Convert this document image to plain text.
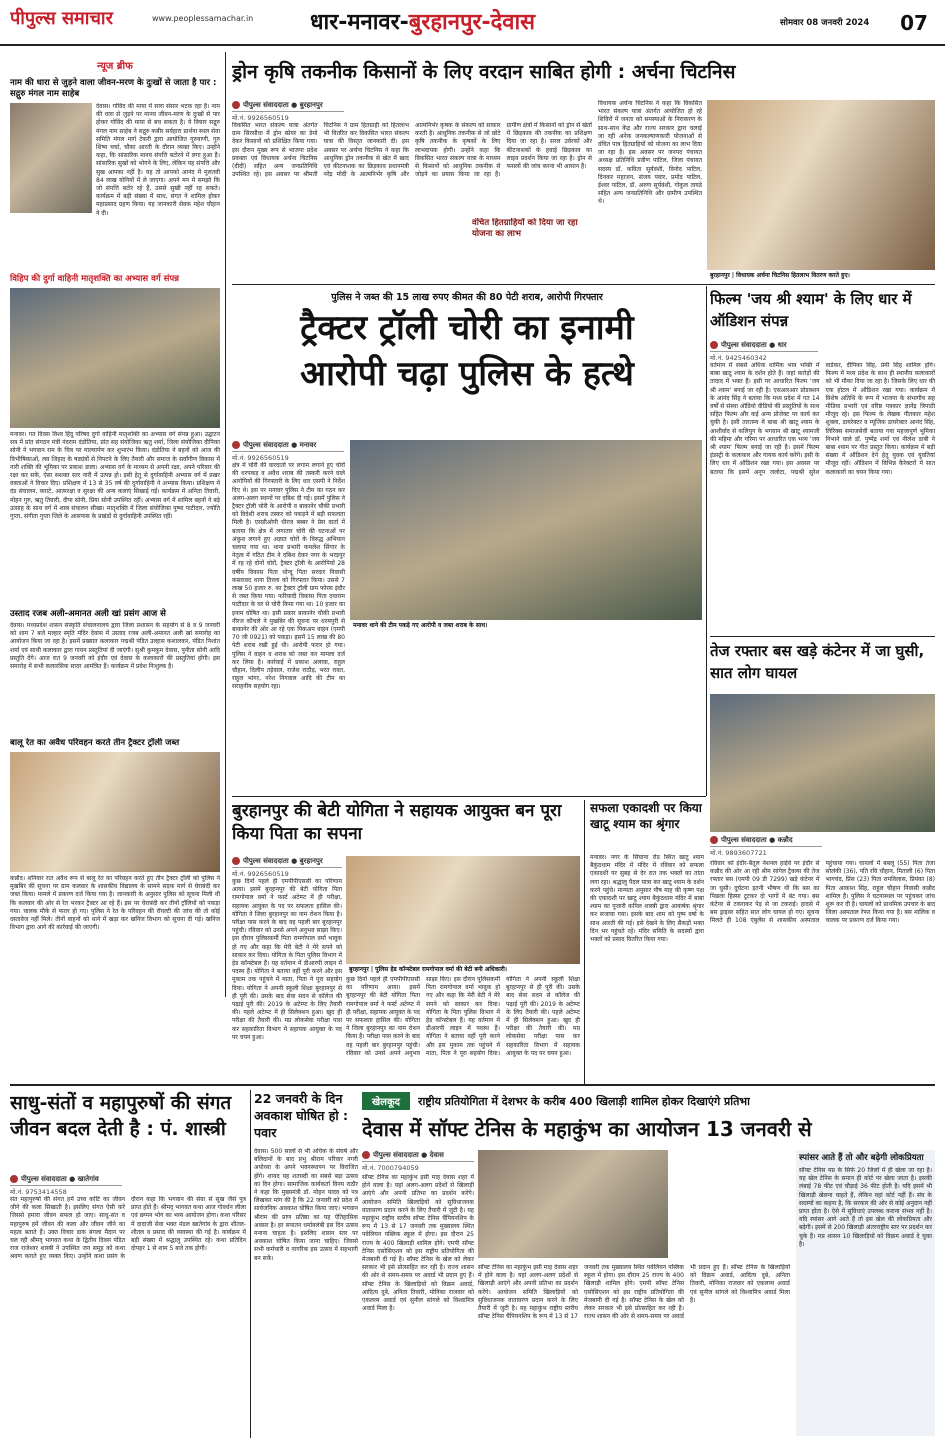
पीपुल्स समाचार	www.peoplessamachar.in	धार-मनावर-बुरहानपुर-देवास	सोमवार 08 जनवरी 2024	07
न्यूज ब्रीफ
नाम की धारा से जुड़ने वाला जीवन-मरण के दुःखों से जाता है पार : सद्गुरु मंगल नाम साहेब
देवास। गोविंद की माया में सारा संसार भटक रहा है। नाम की धारा से जुड़ने पर मानव जीवन-मरण के दुःखों से पार होकर गोविंद की माया से बच सकता है। ये विचार सद्गुरु मंगल नाम साहेब ने सद्गुरु कबीर सर्वहारा प्रार्थना स्थल सेवा समिति मंगल मार्ग टेकरी द्वारा आयोजित गुरुवाणी, गुरु शिष्य चर्चा, चौका आरती के दौरान व्यक्त किए। उन्होंने कहा, कि सांसारिक मानव संपत्ति बटोरने में लगा हुआ है। सांसारिक सुखों को भोगने के लिए, लेकिन यह संपत्ति और सुख आपका नहीं है। यह तो आपको आनंद में मुलतवी 84 लाख योनियों में ले जाएगा। अपने मन में समझो कि जो संपत्ति बटोर रहे हैं, उससे सुखी नहीं रह सकते। कार्यक्रम में बड़ी संख्या में साध, संगत ने शामिल होकर महाप्रसाद ग्रहण किया। यह जानकारी सेवक महेश चौहान ने दी।
विहिप की दुर्गा वाहिनी मातृशक्ति का अभ्यास वर्ग संपन्न
मनावर। गत दिवस विश्व हिंदू परिषद दुर्गा वाहिनी मातृशक्ति का अभ्यास वर्ग संपन्न हुआ। उद्घाटन सत्र में प्रांत संगठन मंत्री नंदराम दंडोतिया, प्रांत सह संयोजिका ऋतु शर्मा, जिला संयोजिका दीपिका सोनी ने भगवान राम के चित्र पर माल्यार्पण कर शुभारंभ किया। दंडोतिया ने बहनों को आज की विभीषिकाओं, लव जिहाद के षड्यंत्रों से निपटने के लिए तैयारी और समाज के सर्वांगीण विकास में नारी शक्ति की भूमिका पर प्रकाश डाला। अभ्यास वर्ग के माध्यम से अपनी रक्षा, अपने परिवार की रक्षा कर सकें, ऐसा सशक्त स्तर नारी में उत्पन्न हो। इसी हेतु से दुर्गावाहिनी अभ्यास वर्ग में प्रखर वक्ताओं ने विचार दिए। प्रशिक्षण में 13 से 35 वर्ष की दुर्गावाहिनी ने अभ्यास किया। प्रशिक्षण में दंड संचालन, कराटे, आत्मरक्षा व सुरक्षा की अन्य कलाएं सिखाई गईं। कार्यक्रम में अनिता तिवारी, मोहन गुरु, ऋतु तिवारी, दीपा सोनी, प्रिया सोनी उपस्थित रहीं। अभ्यास वर्ग में शामिल बहनों ने बड़े उत्साह के साथ वर्ग में शस्त्र संचालन सीखा। मातृशक्ति में जिला संयोजिका पुष्पा पाटीदार, ज्योति गुप्ता, संगीता गुप्ता जिले के आसपास के प्रखंडों से दुर्गावाहिनी उपस्थित रहीं।
उस्ताद रजब अली-अमानत अली खां प्रसंग आज से
देवास। मध्यप्रदेश शासन संस्कृति संचालनालय द्वारा जिला प्रशासन के सहयोग से 8 व 9 जनवरी को शाम 7 बजे मल्हार स्मृति मंदिर देवास में उस्ताद रजब अली-अमानत अली खां समारोह का आयोजन किया जा रहा है। इसमें प्रख्यात कलाकार पद्मश्री पंडित उल्हास कशालकर, पंडित निशांत शर्मा एवं साथी कलाकार द्वारा गायन प्रस्तुतियां दी जाएंगी। सुश्री कुमकुम देवास, पुनीता सोनी आदि प्रस्तुति देंगे। आज रात 9 जनवरी को इंदौर एवं देवास के कलाकारों की प्रस्तुतियां होंगी। इस समारोह में सभी कलारसिक सादर आमंत्रित हैं। कार्यक्रम में प्रवेश निःशुल्क है।
बालू रेत का अवैध परिवहन करते तीन ट्रैक्टर ट्रॉली जब्त
कन्नौद। शनिवार रात अवैध रूप से बालू रेत का परिवहन करते हुए तीन ट्रैक्टर ट्रॉली को पुलिस ने मुखबिर की सूचना पर ग्राम कलवार के शासकीय विद्यालय के सामने सड़क मार्ग से घेराबंदी कर जब्त किया। मामले में प्रकरण दर्ज किया गया है। जानकारी के अनुसार पुलिस को सूचना मिली थी कि कलवार की ओर से रेत भरकर ट्रैक्टर आ रहे हैं। इस पर घेराबंदी कर तीनों ट्रॉलियों को पकड़ा गया। चालक मौके से फरार हो गए। पुलिस ने रेत के परिवहन की रॉयल्टी की जांच की तो कोई दस्तावेज नहीं मिले। तीनों वाहनों को थाने में खड़ा कर खनिज विभाग को सूचना दी गई। खनिज विभाग द्वारा आगे की कार्रवाई की जाएगी।
ड्रोन कृषि तकनीक किसानों के लिए वरदान साबित होगी : अर्चना चिटनिस
पीपुल्स संवाददाता ● बुरहानपुर
मो.नं. 9926560519
विकसित भारत संकल्प यात्रा अंतर्गत ग्राम सिरसौधा में ड्रोन स्प्रेयर का डेमो देकर किसानों को प्रशिक्षित किया गया। इस दौरान मुख्य रूप से भाजपा प्रदेश प्रवक्ता एवं विधायक अर्चना चिटनिस (दीदी) सहित अन्य जनप्रतिनिधि उपस्थित रहे। इस अवसर पर श्रीमती चिटनिस ने ग्राम हितग्राही को हितलाभ भी वितरित कर विकसित भारत संकल्प यात्रा की विस्तृत जानकारी दी। इस अवसर पर अर्चना चिटनिस ने कहा कि आधुनिक ड्रोन तकनीक से खेत में खाद एवं कीटनाशक का छिड़काव प्रधानमंत्री नरेंद्र मोदी के आत्मनिर्भर कृषि और आत्मनिर्भर कृषक के संकल्प को साकार करती है। आधुनिक तकनीक से जो छोटे कृषि तकनीक के कृषकों के लिए लाभदायक होगी। उन्होंने कहा कि विकसित भारत संकल्प यात्रा के माध्यम से किसानों को आधुनिक तकनीक से जोड़ने का प्रयास किया जा रहा है। ग्रामीण क्षेत्रों में किसानों को ड्रोन से खेतों में छिड़काव की तकनीक का प्रशिक्षण दिया जा रहा है। सरल उर्वरकों और कीटनाशकों के हवाई छिड़काव का लाइव प्रदर्शन किया जा रहा है। ड्रोन से फसलों की जांच करना भी आसान है।
वंचित हितग्राहियों को दिया जा रहा योजना का लाभ
विधायक अर्चना चिटनिस ने कहा कि विकसित भारत संकल्प यात्रा अंतर्गत आयोजित हो रहे शिविरों में जनता को समस्याओं के निराकरण के साथ-साथ केंद्र और राज्य सरकार द्वारा चलाई जा रही अनेक जनकल्याणकारी योजनाओं से वंचित पात्र हितग्राहियों को योजना का लाभ दिया जा रहा है। इस अवसर पर जनपद पंचायत अध्यक्ष प्रतिनिधि प्रवीण पाटिल, जिला पंचायत सदस्य डॉ. कविता सूर्यवंशी, विनोद पाटिल, दिनकर महाजन, संजय पवार, प्रमोद पाटिल, ईश्वर पाटिल, डॉ. अरुण सूर्यवंशी, गोकुल तायडे सहित अन्य जनप्रतिनिधि और ग्रामीण उपस्थित थे।
बुरहानपुर | विधायक अर्चना चिटनिस हितलाभ वितरण करते हुए।
पुलिस ने जब्त की 15 लाख रुपए कीमत की 80 पेटी शराब, आरोपी गिरफ्तार
ट्रैक्टर ट्रॉली चोरी का इनामी
आरोपी चढ़ा पुलिस के हत्थे
पीपुल्स संवाददाता ● मनावर
मो.नं. 9926560519
मनावर थाने की टीम पकड़े गए आरोपी व जब्त शराब के साथ।
क्षेत्र में चोरी की वारदातों पर लगाम लगाने हुए चोरों की धरपकड़ व अवैध शराब की तस्करी करने वाले आरोपियों की गिरफ्तारी के लिए धार एसपी ने निर्देश दिए थे। इस पर मनावर पुलिस ने टीम का गठन कर अलग-अलग स्थानों पर दबिश दी गई। इसमें पुलिस ने ट्रैक्टर ट्रॉली चोरी के आरोपी व बाकानेर चौकी प्रभारी को विदेशी शराब तस्कर को पकड़ने में बड़ी सफलता मिली है। एसडीओपी धीरज बब्बर ने प्रेस वार्ता में बताया कि क्षेत्र में लगातार चोरी की घटनाओं पर अंकुश लगाने हुए अज्ञात चोरों के विरुद्ध अभियान चलाया गया था। थाना प्रभारी कमलेश सिंगार के नेतृत्व में गठित टीम ने दबिश देकर नगर के भरड़पुर में रह रहे दोनों चोरों, ट्रैक्टर ट्रॉली के आरोपियों 28 वर्षीय विकास पिता धोन्दू पिता सरदार निवासी कसरावद थाना तिरला को गिरफ्तार किया। उससे 7 लाख 50 हजार रु. का ट्रैक्टर ट्रॉली ग्राम फोरस इंदौर से जब्त किया गया। फरियादी विकास पिता दयाराम पाटीदार के घर से चोरी किया गया था। 10 हजार का इनाम घोषित था। इसी प्रकार बाकानेर चौकी प्रभारी नीरज कौचले ने मुखबिर की सूचना पर धरमपुरी से बाकानेर की ओर आ रहे एक पिकअप वाहन (एमपी 70 जी 0921) को पकड़ा। इसमें 15 लाख की 80 पेटी शराब रखी हुई थी। आरोपी फरार हो गया। पुलिस ने वाहन व शराब को जब्त कर मामला दर्ज कर लिया है। कार्रवाई में प्रकाश अलावा, राहुल चौहान, दिलीप तड़ेवाल, राजेश राठौड़, भरत रावत, राहुल भांगर, नरेश निगवाल आदि की टीम का सराहनीय सहयोग रहा।
फिल्म 'जय श्री श्याम' के लिए धार में ऑडिशन संपन्न
पीपुल्स संवाददाता ● धार
मो.नं. 9425460342
वर्तमान में सबसे अधिक धार्मिक भाव भक्ति में बाबा खाटू श्याम के दर्शन होते हैं। जहां करोड़ों की तादाद में भक्त हैं। इसी पर आधारित फिल्म 'जय श्री श्याम' बनाई जा रही है। एसआरआर प्रोडक्शन के आनंद सिंह ने बताया कि मध्य प्रदेश में गत 14 वर्षों से संस्था ऑडियो वीडियो की प्रस्तुतियों के साथ सहित फिल्म और कई अन्य प्रोजेक्ट पर कार्य कर चुकी है। इसी तारतम्य में बाबा श्री खाटू श्याम के आशीर्वाद से कलियुग के भगवान श्री खाटू श्यामजी की महिमा और गरिमा पर आधारित एक भव्य 'जय श्री श्याम' फिल्म बनाई जा रही है। इसमें फिल्म इंडस्ट्री के कलाकार और गायक कार्य करेंगे। इसी के लिए धार में ऑडिशन रखा गया। इस अवसर पर बताया कि इसमें अनूप जलोटा, पद्मश्री सुरेश वाडेकर, दीपिका सिंह, प्रेमी सिंह शामिल होंगे। फिल्म में मध्य प्रदेश के साथ ही स्थानीय कलाकारों को भी मौका दिया जा रहा है। जिसके लिए धार की एक होटल में ऑडिशन रखा गया। कार्यक्रम में विशेष अतिथि के रूप में भाजपा के संभागीय सह मीडिया प्रभारी एवं वरिष्ठ पत्रकार ज्ञानेंद्र त्रिपाठी मौजूद रहे। इस फिल्म के लेखक गीतकार महेश शुक्ला, डायरेक्टर व म्यूजिक डायरेक्टर आनंद सिंह, लिरिक्स समाजसेवी बताया गया महत्त्वपूर्ण भूमिका निभाने वाले डॉ. पुष्पेंद्र शर्मा एवं नीलेश डाबी ने बाबा श्याम पर गीत प्रस्तुत किया। कार्यक्रम में बड़ी संख्या में ऑडिशन देने हेतु युवक एवं युवतियां मौजूद रहीं। ऑडिशन में विभिन्न कैरेक्टरों में सात कलाकारों का चयन किया गया।
तेज रफ्तार बस खड़े कंटेनर में जा घुसी, सात लोग घायल
पीपुल्स संवाददाता ● कन्नौद
मो.नं. 9893607721
रविवार को इंदौर-बैतूल नेशनल हाईवे पर इंदौर से कन्नौद की ओर आ रही श्रीम सांगेल ट्रैवल्स की तेज रफ्तार बस (एमपी 09 डी 7299) खड़े कंटेनर में जा घुसी। दुर्घटना इतनी भीषण थी कि बस का पिछला हिस्सा टूटकर दो भागों में बंट गया। बस कंटेनर से टकराकर पेड़ से जा टकराई। हादसे में बस ड्राइवर सहित सात लोग घायल हो गए। सूचना मिलते ही 108 एंबुलेंस से शासकीय अस्पताल पहुंचाया गया। घायलों में बबलू (55) पिता तेजा सोलंकी (36), पति रवि चौहान, मिताली (6) पिता भागचंद, प्रिंस (23) पिता रामविलास, प्रियंका (8) पिता आकाश सिंह, राहुल चौहान निवासी कन्नौद शामिल हैं। पुलिस ने घटनास्थल पर पहुंचकर जांच शुरू कर दी है। घायलों को प्राथमिक उपचार के बाद जिला अस्पताल रेफर किया गया है। बस मालिक व चालक पर प्रकरण दर्ज किया गया।
बुरहानपुर की बेटी योगिता ने सहायक आयुक्त बन पूरा किया पिता का सपना
पीपुल्स संवाददाता ● बुरहानपुर
मो.नं. 9926560519
बुरहानपुर | पुलिस हेड कॉन्स्टेबल रामगोपाल वर्मा की बेटी बनी अधिकारी।
कुछ दिनों पहले ही एमपीपीएससी का परिणाम आया। इसमें बुरहानपुर की बेटी योगिता पिता रामगोपाल वर्मा ने फर्स्ट अटेम्प्ट में ही परीक्षा, सहायक आयुक्त के पद पर सफलता हासिल की। योगिता ने जिला बुरहानपुर का नाम रोशन किया है। परीक्षा पास करने के बाद वह पहली बार बुरहानपुर पहुंची। रविवार को उनसे अपने अनुभव साझा किए। इस दौरान पुलिसकर्मी पिता रामगोपाल वर्मा भावुक हो गए और कहा कि मेरी बेटी ने मेरे सपने को साकार कर दिया। योगिता के पिता पुलिस विभाग में हेड कॉन्स्टेबल हैं। यह वर्तमान में डीआरपी लाइन में पदस्थ हैं। योगिता ने बताया वहीं पूरी करने और इस मुकाम तक पहुंचने में माता, पिता ने पूरा सहयोग दिया। योगिता ने अपनी स्कूली शिक्षा बुरहानपुर से ही पूरी की। उसके बाद सेवा सदन से कॉलेज की पढ़ाई पूरी की। 2019 के अटेम्प्ट के लिए तैयारी की। पहले अटेम्प्ट में ही सिलेक्शन हुआ। खुद ही परीक्षा की तैयारी की। मप्र लोकसेवा परीक्षा पास कर सहकारिता विभाग में सहायक आयुक्त के पद पर चयन हुआ।
कुछ दिनों पहले ही एमपीपीएससी का परिणाम आया। इसमें बुरहानपुर की बेटी योगिता पिता रामगोपाल वर्मा ने फर्स्ट अटेम्प्ट में ही परीक्षा, सहायक आयुक्त के पद पर सफलता हासिल की। योगिता ने जिला बुरहानपुर का नाम रोशन किया है। परीक्षा पास करने के बाद वह पहली बार बुरहानपुर पहुंची। रविवार को उनसे अपने अनुभव साझा किए। इस दौरान पुलिसकर्मी पिता रामगोपाल वर्मा भावुक हो गए और कहा कि मेरी बेटी ने मेरे सपने को साकार कर दिया। योगिता के पिता पुलिस विभाग में हेड कॉन्स्टेबल हैं। यह वर्तमान में डीआरपी लाइन में पदस्थ हैं। योगिता ने बताया वहीं पूरी करने और इस मुकाम तक पहुंचने में माता, पिता ने पूरा सहयोग दिया। योगिता ने अपनी स्कूली शिक्षा बुरहानपुर से ही पूरी की। उसके बाद सेवा सदन से कॉलेज की पढ़ाई पूरी की। 2019 के अटेम्प्ट के लिए तैयारी की। पहले अटेम्प्ट में ही सिलेक्शन हुआ। खुद ही परीक्षा की तैयारी की। मप्र लोकसेवा परीक्षा पास कर सहकारिता विभाग में सहायक आयुक्त के पद पर चयन हुआ।
सफला एकादशी पर किया खाटू श्याम का श्रृंगार
मनावर। नगर के सिंघाना रोड स्थित खाटू श्याम बैकुंठधाम मंदिर में मंदिर में रविवार को सफला एकादशी पर सुबह से देर रात तक भक्तों का तांता लगा रहा। श्रद्धालु पैदल यात्रा कर खाटू श्याम के दर्शन करने पहुंचे। मान्यता अनुसार पौष माह की कृष्ण पक्ष की एकादशी पर खाटू श्याम बैकुंठधाम मंदिर में बाबा श्याम का पुजारी कपिल शास्त्री द्वारा आकर्षक श्रृंगार कर सजाया गया। इसके बाद शाम को पुष्प वर्षा के साथ आरती की गई। इसे देखने के लिए सैकड़ों भक्त दिन भर पहुंचते रहे। मंदिर समिति के सदस्यों द्वारा भक्तों को प्रसाद वितरित किया गया।
साधु-संतों व महापुरुषों की संगत जीवन बदल देती है : पं. शास्त्री
पीपुल्स संवाददाता ● खातेगांव
मो.नं. 9753414558
संत महापुरुषों की संगत हमें उच्च कोटि का जीवन जीने की कला सिखाती है। इसलिए संगत ऐसी करें जिससे हमारा जीवन सफल हो जाए। साधु-संत व महापुरुष हमें जीवन की कला और जीवन जीने का महत्व बताते हैं। उक्त विचार डाक बंगला मैदान पर चल रही श्रीमद् भागवत कथा के द्वितीय दिवस पंडित राज राजेश्वर शास्त्री ने उपस्थित जन समूह को कथा श्रवण कराते हुए व्यक्त किए। उन्होंने कथा प्रसंग के दौरान कहा कि भगवान की सेवा से सुख जैसे पुत्र प्राप्त होते हैं। श्रीमद् भागवत कथा आज गोवर्धन लीला एवं छप्पन भोग का भव्य आयोजन होगा। कथा परिसर में दादाजी सेवा भक्त मंडल खातेगांव के द्वारा शीतल-शीतल व प्रसाद की व्यवस्था की गई है। कार्यक्रम में बड़ी संख्या में श्रद्धालु उपस्थित रहे। कथा प्रतिदिन दोपहर 1 से शाम 5 बजे तक होगी।
22 जनवरी के दिन अवकाश घोषित हो : पवार
देवास। 500 सालों से भी अधिक के संघर्ष और बलिदानों के बाद प्रभु श्रीराम परिवार नगरी अयोध्या के अपने भवनस्थापन पर विराजित होंगे। शायद यह शताब्दी का सबसे बड़ा उत्सव का दिन होगा। सामाजिक कार्यकर्ता विनय राठौर ने कहा कि मुख्यमंत्री डॉ. मोहन यादव को पत्र लिखकर मांग की है कि 22 जनवरी को प्रदेश में सार्वजनिक अवकाश घोषित किया जाए। भगवान श्रीराम की प्राण प्रतिष्ठा का यह ऐतिहासिक अवसर है। हर सनातन धर्मावलंबी इस दिन उत्सव मनाना चाहता है। इसलिए शासन स्तर पर अवकाश घोषित किया जाना चाहिए। जिससे सभी कर्मचारी व नागरिक इस उत्सव में सहभागी बन सकें।
खेलकूद	राष्ट्रीय प्रतियोगिता में देशभर के करीब 400 खिलाड़ी शामिल होकर दिखाएंगे प्रतिभा
देवास में सॉफ्ट टेनिस के महाकुंभ का आयोजन 13 जनवरी से
पीपुल्स संवाददाता ● देवास
मो.नं. 7000794059
सॉफ्ट टेनिस का महाकुंभ इसी माह देवास शहर में होने वाला है। यहां अलग-अलग प्रदेशों से खिलाड़ी आएंगे और अपनी प्रतिभा का प्रदर्शन करेंगे। आयोजन समिति खिलाड़ियों को सुविधाजनक वातावरण प्रदान करने के लिए तैयारी में जुटी है। यह महाकुंभ राष्ट्रीय स्तरीय सॉफ्ट टेनिस चैंपियनशिप के रूप में 13 से 17 जनवरी तक मुख्यालय स्थित पवेलियन पब्लिक स्कूल में होगा। इस दौरान 25 राज्य के 400 खिलाड़ी शामिल होंगे। एमपी सॉफ्ट टेनिस एसोसिएशन को इस राष्ट्रीय प्रतियोगिता की मेजबानी दी गई है। सॉफ्ट टेनिस के खेल को लेकर सरकार भी इसे प्रोत्साहित कर रही है। राज्य शासन की ओर से समय-समय पर अवार्ड भी प्रदान हुए हैं। सॉफ्ट टेनिस के खिलाड़ियों को विक्रम अवार्ड, आदित्य दुबे, अनिता तिवारी, मोनिका राजवार को एकलव्य अवार्ड एवं सुनील सांगले को विश्वामित्र अवार्ड मिला है।
सॉफ्ट टेनिस का महाकुंभ इसी माह देवास शहर में होने वाला है। यहां अलग-अलग प्रदेशों से खिलाड़ी आएंगे और अपनी प्रतिभा का प्रदर्शन करेंगे। आयोजन समिति खिलाड़ियों को सुविधाजनक वातावरण प्रदान करने के लिए तैयारी में जुटी है। यह महाकुंभ राष्ट्रीय स्तरीय सॉफ्ट टेनिस चैंपियनशिप के रूप में 13 से 17 जनवरी तक मुख्यालय स्थित पवेलियन पब्लिक स्कूल में होगा। इस दौरान 25 राज्य के 400 खिलाड़ी शामिल होंगे। एमपी सॉफ्ट टेनिस एसोसिएशन को इस राष्ट्रीय प्रतियोगिता की मेजबानी दी गई है। सॉफ्ट टेनिस के खेल को लेकर सरकार भी इसे प्रोत्साहित कर रही है। राज्य शासन की ओर से समय-समय पर अवार्ड भी प्रदान हुए हैं। सॉफ्ट टेनिस के खिलाड़ियों को विक्रम अवार्ड, आदित्य दुबे, अनिता तिवारी, मोनिका राजवार को एकलव्य अवार्ड एवं सुनील सांगले को विश्वामित्र अवार्ड मिला है।
स्पांसर आते हैं तो और बढ़ेगी लोकप्रियता
सॉफ्ट टेनिस मप्र के सिर्फ 20 जिलों में ही खेला जा रहा है। यह खेल टेनिस के समान ही कोर्ट पर खेला जाता है। इसकी लंबाई 78 फीट एवं चौड़ाई 36 फीट होती है। यदि इसमें भी खिलाड़ी खेलना चाहते हैं, लेकिन वहां कोर्ट नहीं हैं। संघ के सदस्यों का कहना है, कि सरकार की ओर से कोई अनुदान नहीं प्राप्त होता है। ऐसे में सुविधाएं उपलब्ध कराना संभव नहीं है। यदि स्पांसर आगे आते हैं तो इस खेल की लोकप्रियता और बढ़ेगी। इसमें से 200 खिलाड़ी अंतरराष्ट्रीय स्तर पर प्रदर्शन कर चुके हैं। मप्र शासन 10 खिलाड़ियों को विक्रम अवार्ड दे चुका है।
